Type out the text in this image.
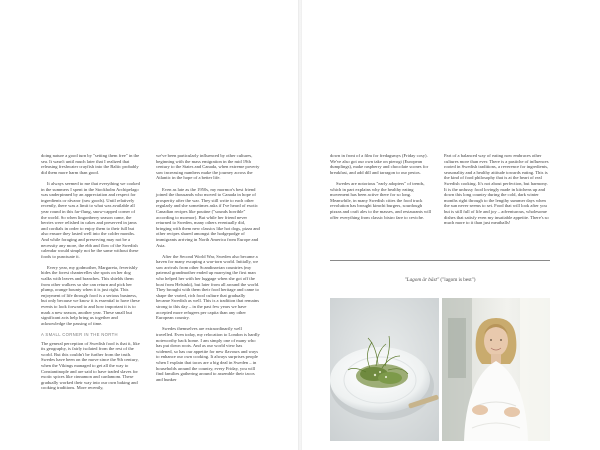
doing nature a good turn by "setting them free" in the sea. It wasn't until much later that I realized that releasing freshwater crayfish into the Baltic probably did them more harm than good.

It always seemed to me that everything we cooked in the summers I spent in the Stockholm Archipelago was underpinned by an appreciation and respect for ingredients or råvaror (raw goods). Until relatively recently, there was a limit to what was available all year round in this far-flung, snow-capped corner of the world. So when lingonberry season came, the berries were relished in cakes and preserved in jams and cordials in order to enjoy them to their full but also ensure they lasted well into the colder months. And while foraging and preserving may not be a necessity any more, the ebb and flow of the Swedish calendar would simply not be the same without these foods to punctuate it.

Every year, my godmother, Margareta, feverishly hides the forest chanterelles she spots on her dog walks with leaves and branches. This shields them from other walkers so she can return and pick her plump, orange bounty when it is just right. This enjoyment of life through food is a serious business, but only because we know it is essential to have these events to look forward to and how important it is to mark a new season, another year. These small but significant acts help bring us together and acknowledge the passing of time.

A SMALL CORNER IN THE NORTH

The general perception of Swedish food is that it, like its geography, is fairly isolated from the rest of the world. But this couldn't be further from the truth. Swedes have been on the move since the 9th century, when the Vikings managed to get all the way to Constantinople and are said to have traded slaves for exotic spices like cinnamon and cardamom. These gradually worked their way into our own baking and cooking traditions. More recently,

we've been particularly influenced by other cultures, beginning with the mass emigration in the mid 19th century to the States and Canada, when extreme poverty saw increasing numbers make the journey across the Atlantic in the hope of a better life.

Even as late as the 1950s, my mormor's best friend joined the thousands who moved to Canada in hope of prosperity after the war. They still write to each other regularly and she sometimes asks if I've heard of exotic Canadian recipes like poutine ("sounds horrible" according to mormor). But while her friend never returned to Sweden, many others eventually did, bringing with them new classics like hot dogs, pizza and other recipes shared amongst the hodgepodge of immigrants arriving in North America from Europe and Asia.

After the Second World War, Sweden also became a haven for many escaping a war-torn world. Initially, we saw arrivals from other Scandinavian countries (my paternal grandmother ended up marrying the first man who helped her with her luggage when she got off the boat from Helsinki), but later from all around the world. They brought with them their food heritage and came to shape the varied, rich food culture that gradually became Swedish as well. This is a tradition that remains strong to this day – in the past few years we have accepted more refugees per capita than any other European country.

Swedes themselves are extraordinarily well travelled. Even today, my relocation to London is hardly noteworthy back home. I am simply one of many who has put down roots. And as our world view has widened, so has our appetite for new flavours and ways to enhance our own cooking. It always surprises people when I explain that tacos are a big deal in Sweden – in households around the country, every Friday, you will find families gathering around to assemble their tacos and hunker

down in front of a film for fredagsmys (Friday cosy). We've also got our own take on pierogi (European dumplings), make raspberry and chocolate scones for breakfast, and add dill and tarragon to our pestos.

Swedes are notorious "early adopters" of trends, which in part explains why the healthy eating movement has been active there for so long. Meanwhile, in many Swedish cities the food truck revolution has brought kimchi burgers, sourdough pizzas and craft ales to the masses, and restaurants will offer everything from classic bistro fare to ceviche.

Part of a balanced way of eating now embraces other cultures more than ever. There is a pastiche of influences rooted in Swedish traditions, a reverence for ingredients, seasonality and a healthy attitude towards eating. This is the kind of food philosophy that is at the heart of real Swedish cooking. It's not about perfection, but harmony. It is the unfussy food lovingly made in kitchens up and down this long country during the cold, dark winter months right through to the lengthy summer days when the sun never seems to set. Food that will look after you but is still full of life and joy – adventurous, wholesome dishes that satisfy even my insatiable appetite. There's so much more to it than just meatballs!

"Lagom är bäst" ("lagom is best")
